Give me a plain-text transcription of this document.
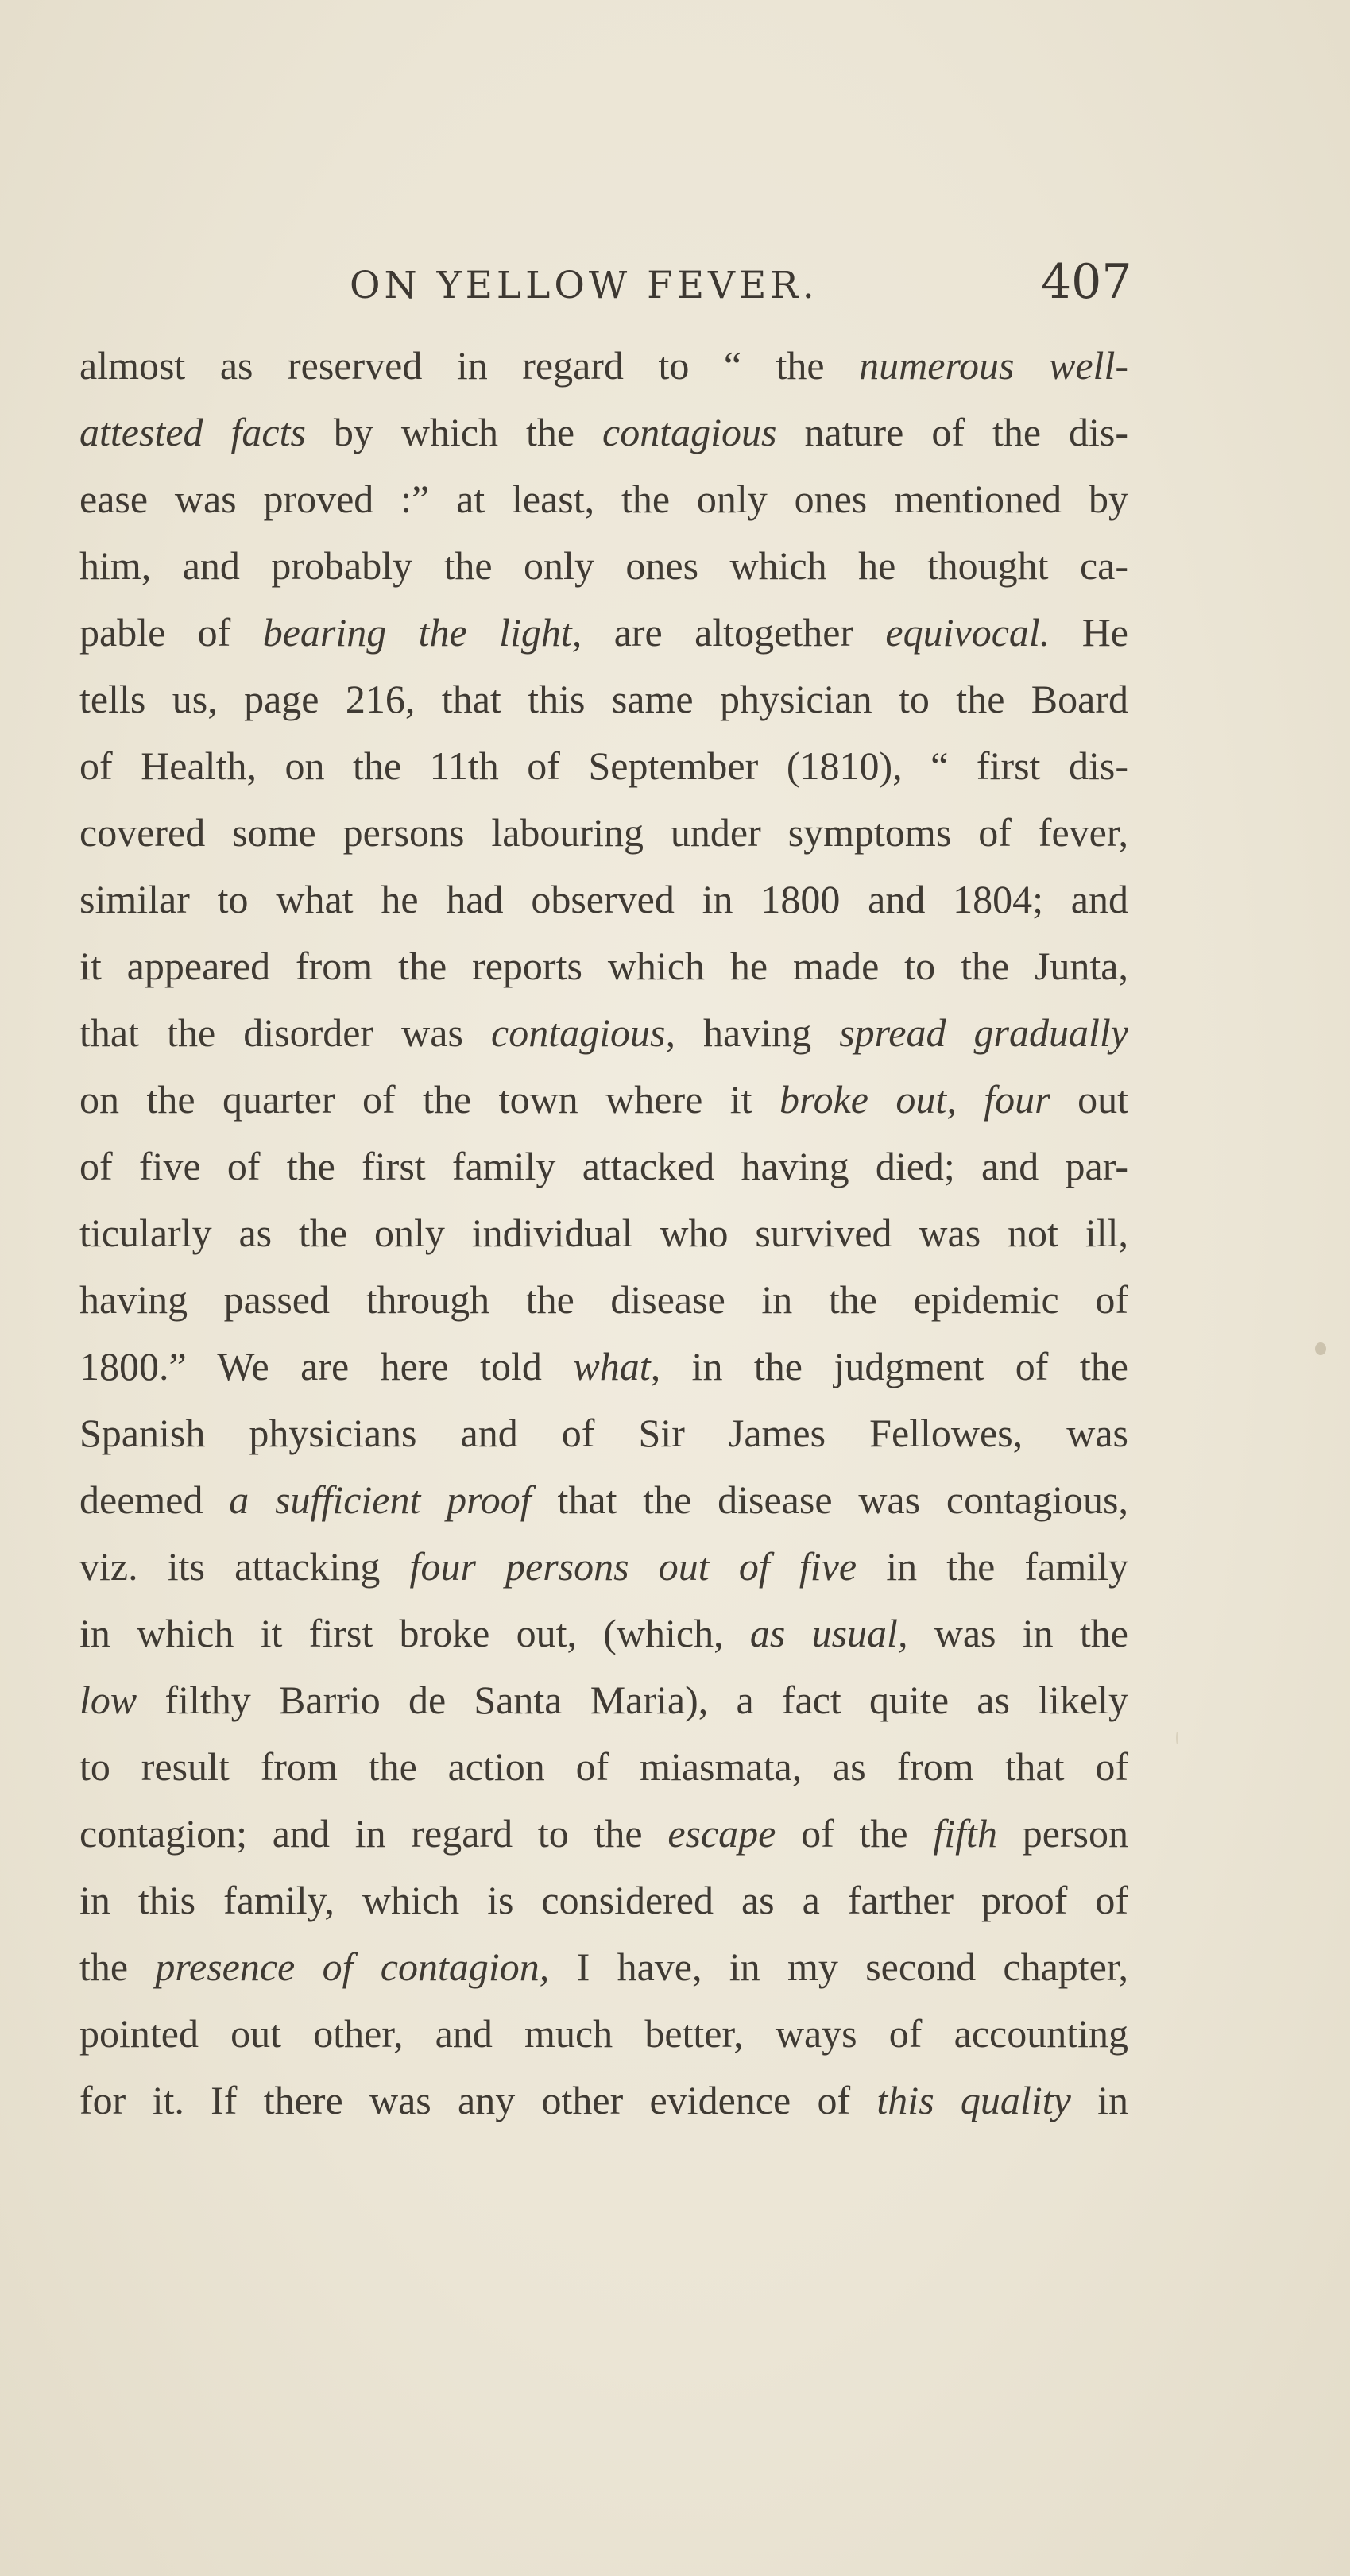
ON YELLOW FEVER.	407
almost as reserved in regard to “ the numerous well-
attested facts by which the contagious nature of the dis-
ease was proved :” at least, the only ones mentioned by
him, and probably the only ones which he thought ca-
pable of bearing the light, are altogether equivocal. He
tells us, page 216, that this same physician to the Board
of Health, on the 11th of September (1810), “ first dis-
covered some persons labouring under symptoms of fever,
similar to what he had observed in 1800 and 1804; and
it appeared from the reports which he made to the Junta,
that the disorder was contagious, having spread gradually
on the quarter of the town where it broke out, four out
of five of the first family attacked having died; and par-
ticularly as the only individual who survived was not ill,
having passed through the disease in the epidemic of
1800.” We are here told what, in the judgment of the
Spanish physicians and of Sir James Fellowes, was
deemed a sufficient proof that the disease was contagious,
viz. its attacking four persons out of five in the family
in which it first broke out, (which, as usual, was in the
low filthy Barrio de Santa Maria), a fact quite as likely
to result from the action of miasmata, as from that of
contagion; and in regard to the escape of the fifth person
in this family, which is considered as a farther proof of
the presence of contagion, I have, in my second chapter,
pointed out other, and much better, ways of accounting
for it. If there was any other evidence of this quality in
